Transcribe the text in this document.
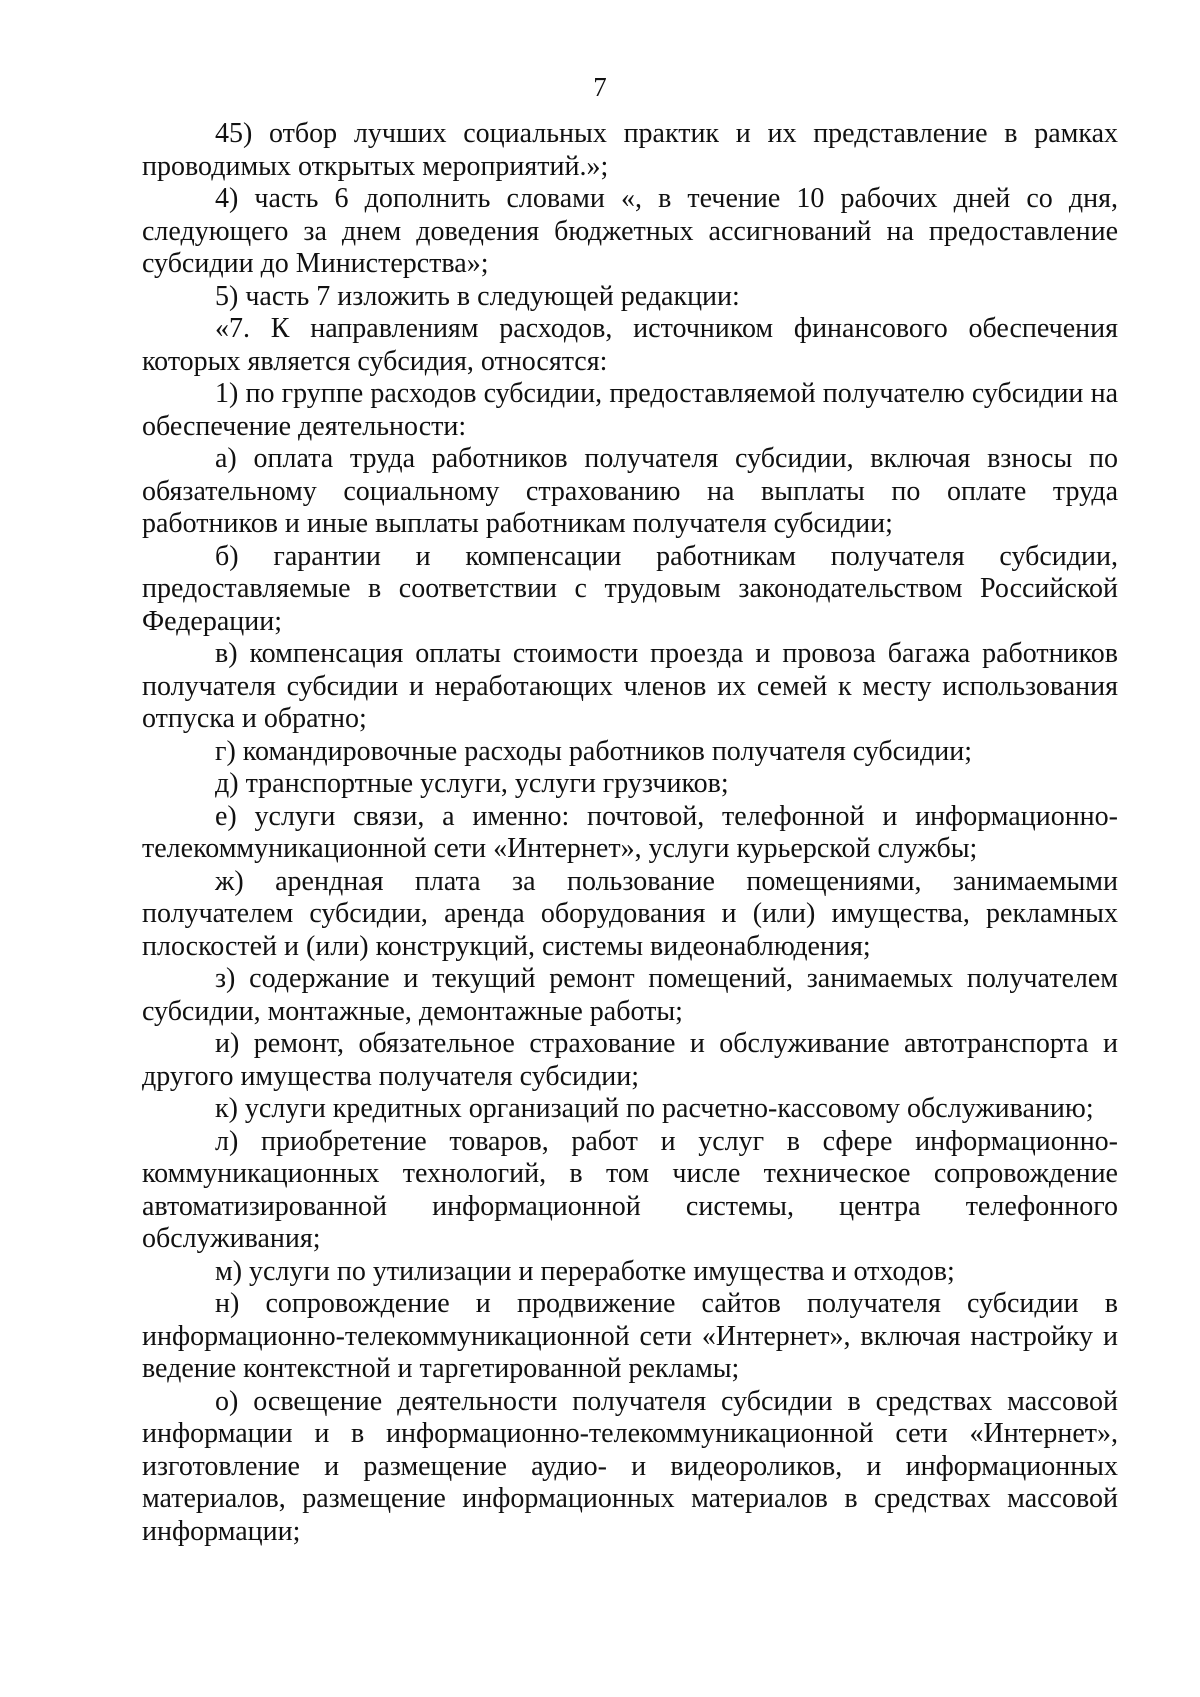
7

45) отбор лучших социальных практик и их представление в рамках проводимых открытых мероприятий.»;

4) часть 6 дополнить словами «, в течение 10 рабочих дней со дня, следующего за днем доведения бюджетных ассигнований на предоставление субсидии до Министерства»;

5) часть 7 изложить в следующей редакции:

«7. К направлениям расходов, источником финансового обеспечения которых является субсидия, относятся:

1) по группе расходов субсидии, предоставляемой получателю субсидии на обеспечение деятельности:

а) оплата труда работников получателя субсидии, включая взносы по обязательному социальному страхованию на выплаты по оплате труда работников и иные выплаты работникам получателя субсидии;

б) гарантии и компенсации работникам получателя субсидии, предоставляемые в соответствии с трудовым законодательством Российской Федерации;

в) компенсация оплаты стоимости проезда и провоза багажа работников получателя субсидии и неработающих членов их семей к месту использования отпуска и обратно;

г) командировочные расходы работников получателя субсидии;

д) транспортные услуги, услуги грузчиков;

е) услуги связи, а именно: почтовой, телефонной и информационно-телекоммуникационной сети «Интернет», услуги курьерской службы;

ж) арендная плата за пользование помещениями, занимаемыми получателем субсидии, аренда оборудования и (или) имущества, рекламных плоскостей и (или) конструкций, системы видеонаблюдения;

з) содержание и текущий ремонт помещений, занимаемых получателем субсидии, монтажные, демонтажные работы;

и) ремонт, обязательное страхование и обслуживание автотранспорта и другого имущества получателя субсидии;

к) услуги кредитных организаций по расчетно-кассовому обслуживанию;

л) приобретение товаров, работ и услуг в сфере информационно-коммуникационных технологий, в том числе техническое сопровождение автоматизированной информационной системы, центра телефонного обслуживания;

м) услуги по утилизации и переработке имущества и отходов;

н) сопровождение и продвижение сайтов получателя субсидии в информационно-телекоммуникационной сети «Интернет», включая настройку и ведение контекстной и таргетированной рекламы;

о) освещение деятельности получателя субсидии в средствах массовой информации и в информационно-телекоммуникационной сети «Интернет», изготовление и размещение аудио- и видеороликов, и информационных материалов, размещение информационных материалов в средствах массовой информации;
